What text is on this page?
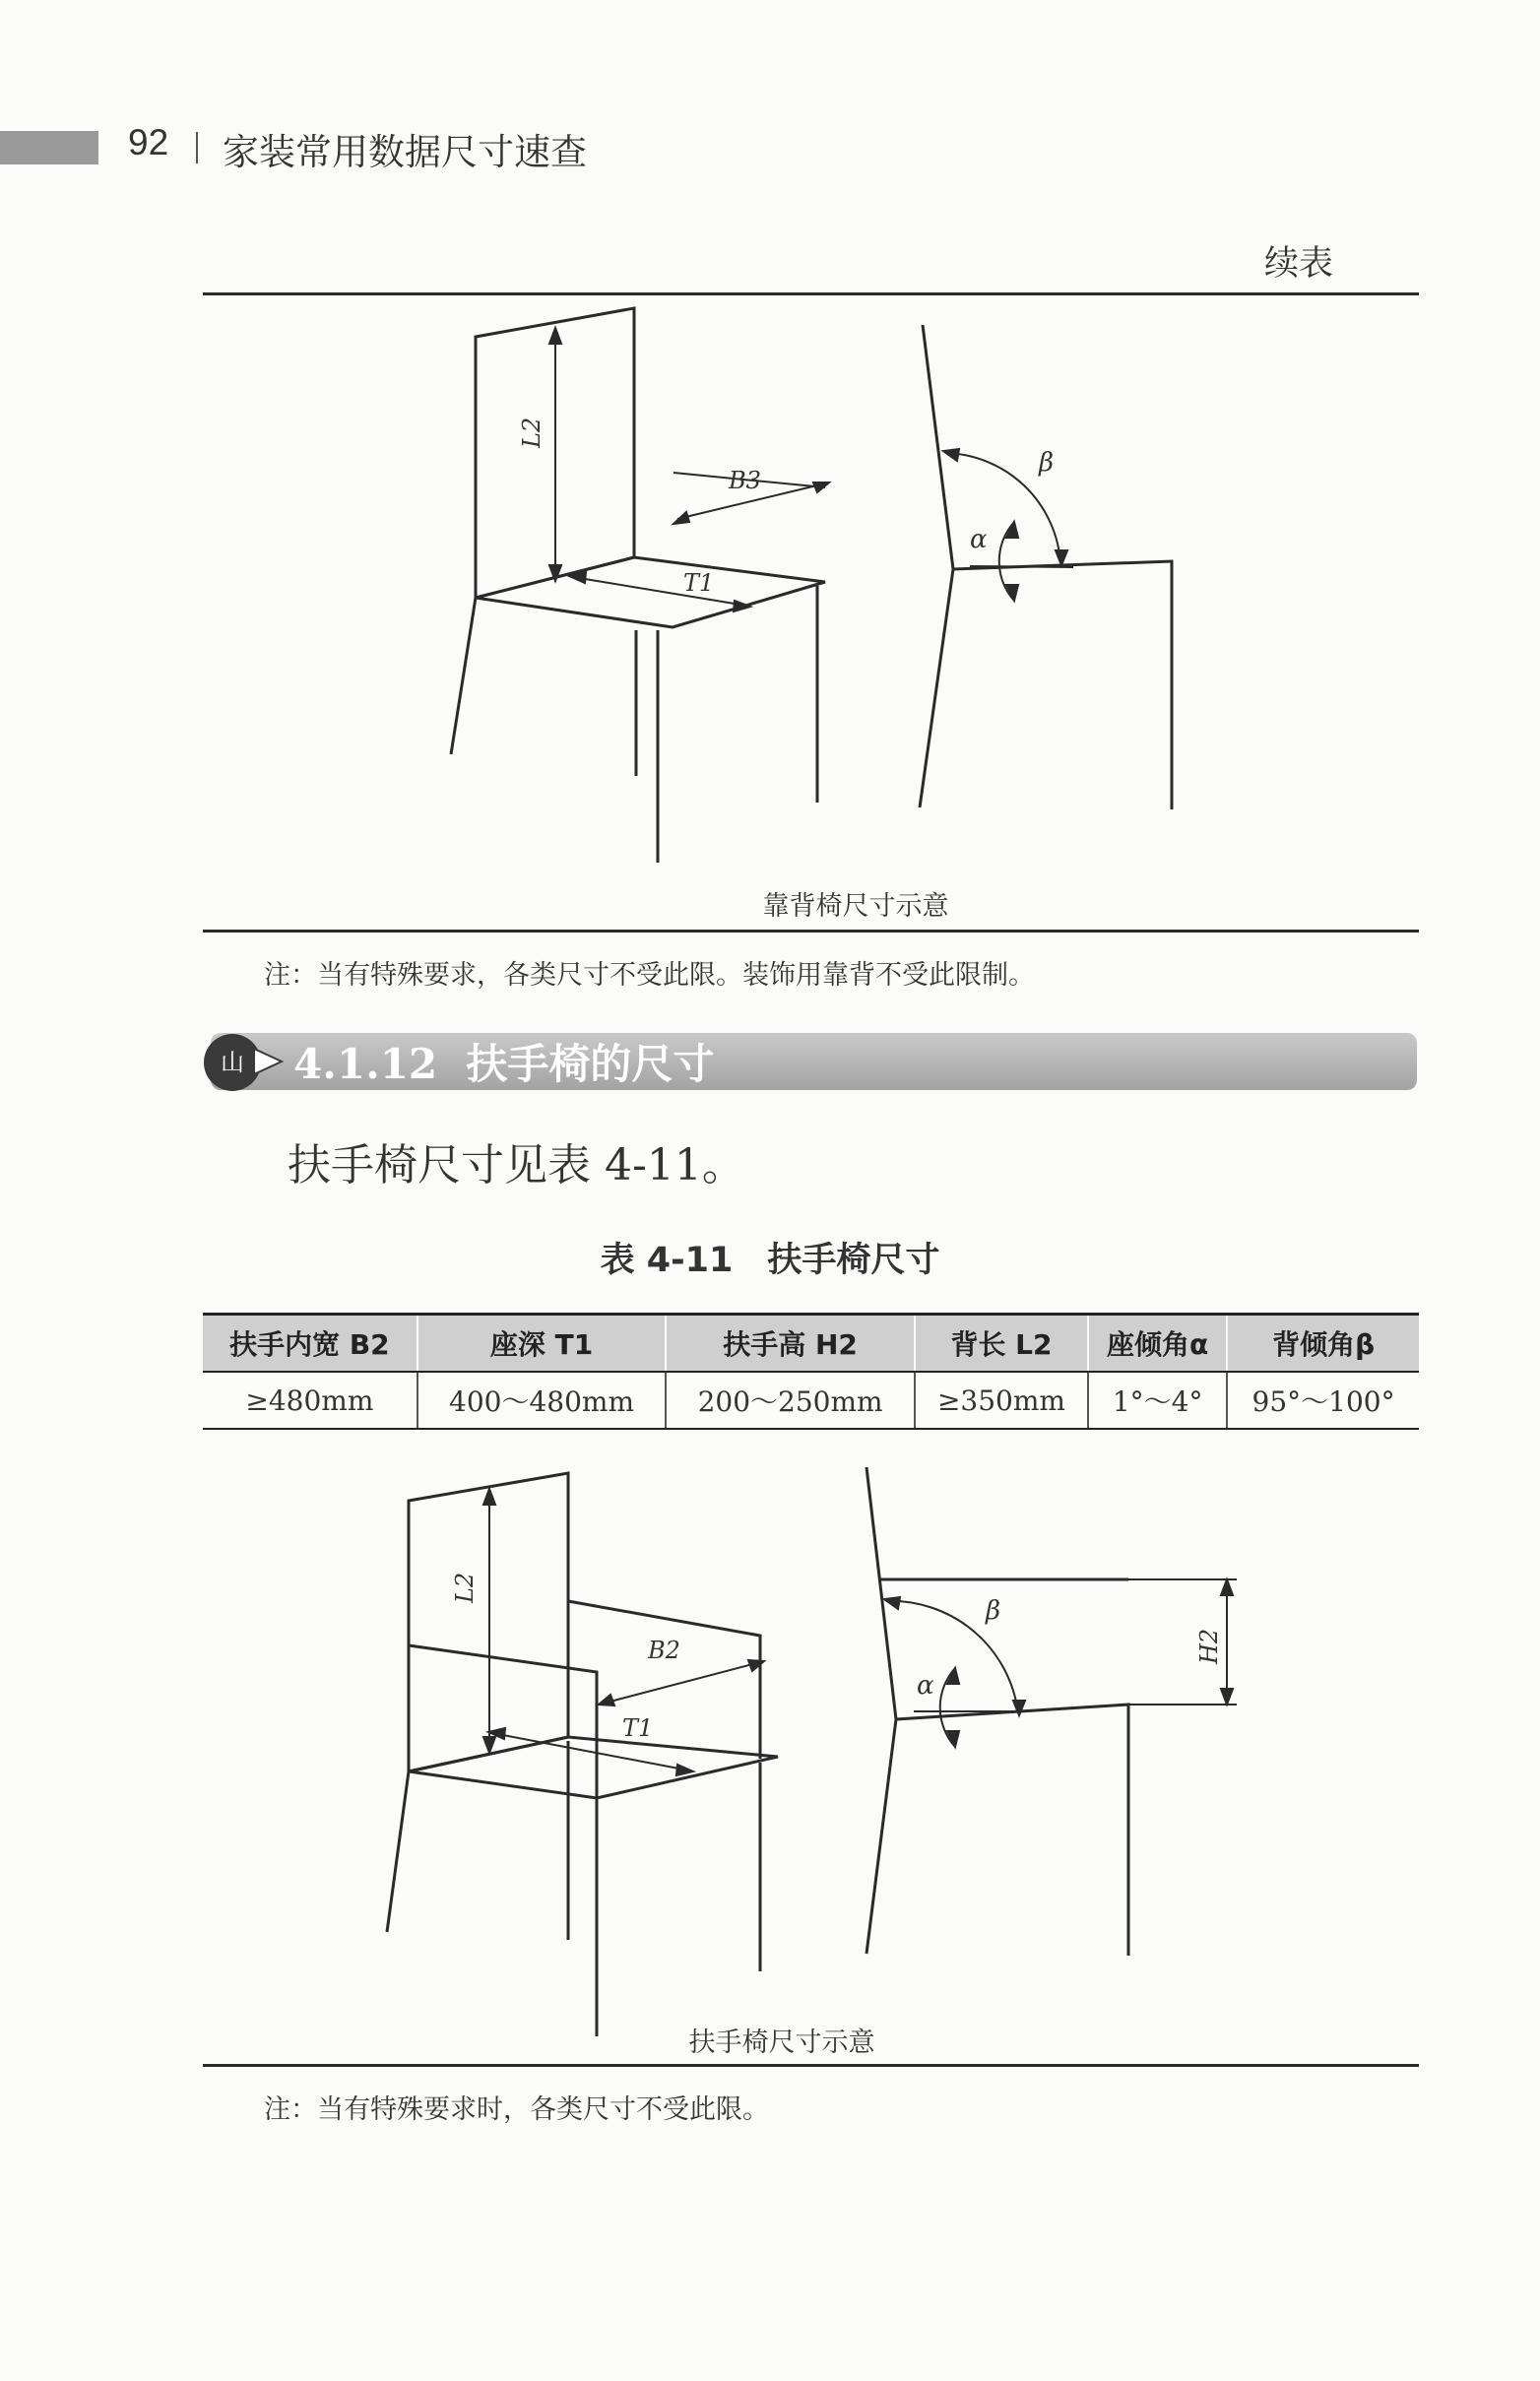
92 家装常用数据尺寸速查
续表
L2
B3
T1
β
α
靠背椅尺寸示意
注：当有特殊要求，各类尺寸不受此限。装饰用靠背不受此限制。
山	4.1.12 扶手椅的尺寸
扶手椅尺寸见表 4-11。
表 4-11　扶手椅尺寸
扶手内宽 B2	座深 T1	扶手高 H2	背长 L2	座倾角α	背倾角β
≥480mm	400～480mm	200～250mm	≥350mm	1°～4°	95°～100°
L2
B2
T1
β
α
H2
扶手椅尺寸示意
注：当有特殊要求时，各类尺寸不受此限。
